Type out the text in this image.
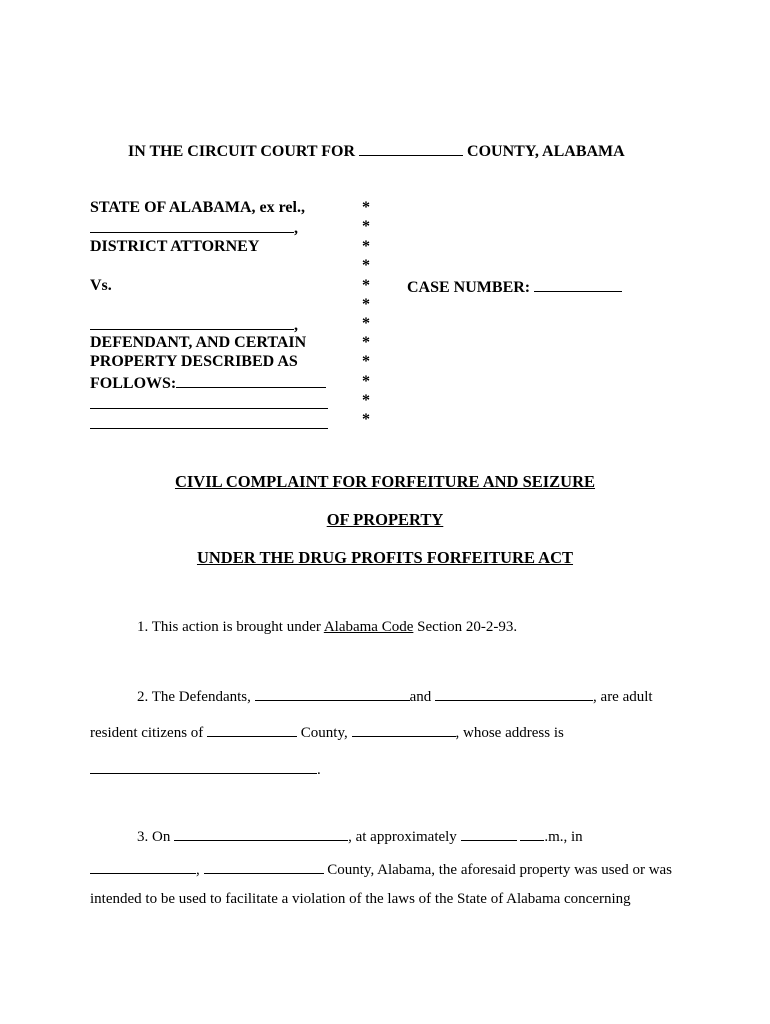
IN THE CIRCUIT COURT FOR	COUNTY, ALABAMA
STATE OF ALABAMA, ex rel.,
,
DISTRICT ATTORNEY
Vs.
,
DEFENDANT, AND CERTAIN
PROPERTY DESCRIBED AS
FOLLOWS:
*
*
*
*
*
*
*
*
*
*
*
*
CASE NUMBER:
CIVIL COMPLAINT FOR FORFEITURE AND SEIZURE
OF PROPERTY
UNDER THE DRUG PROFITS FORFEITURE ACT
1. This action is brought under Alabama Code Section 20-2-93.
2. The Defendants,	and	, are adult
resident citizens of	County,	, whose address is
.
3. On	, at approximately	.m., in
,	County, Alabama, the aforesaid property was used or was
intended to be used to facilitate a violation of the laws of the State of Alabama concerning
